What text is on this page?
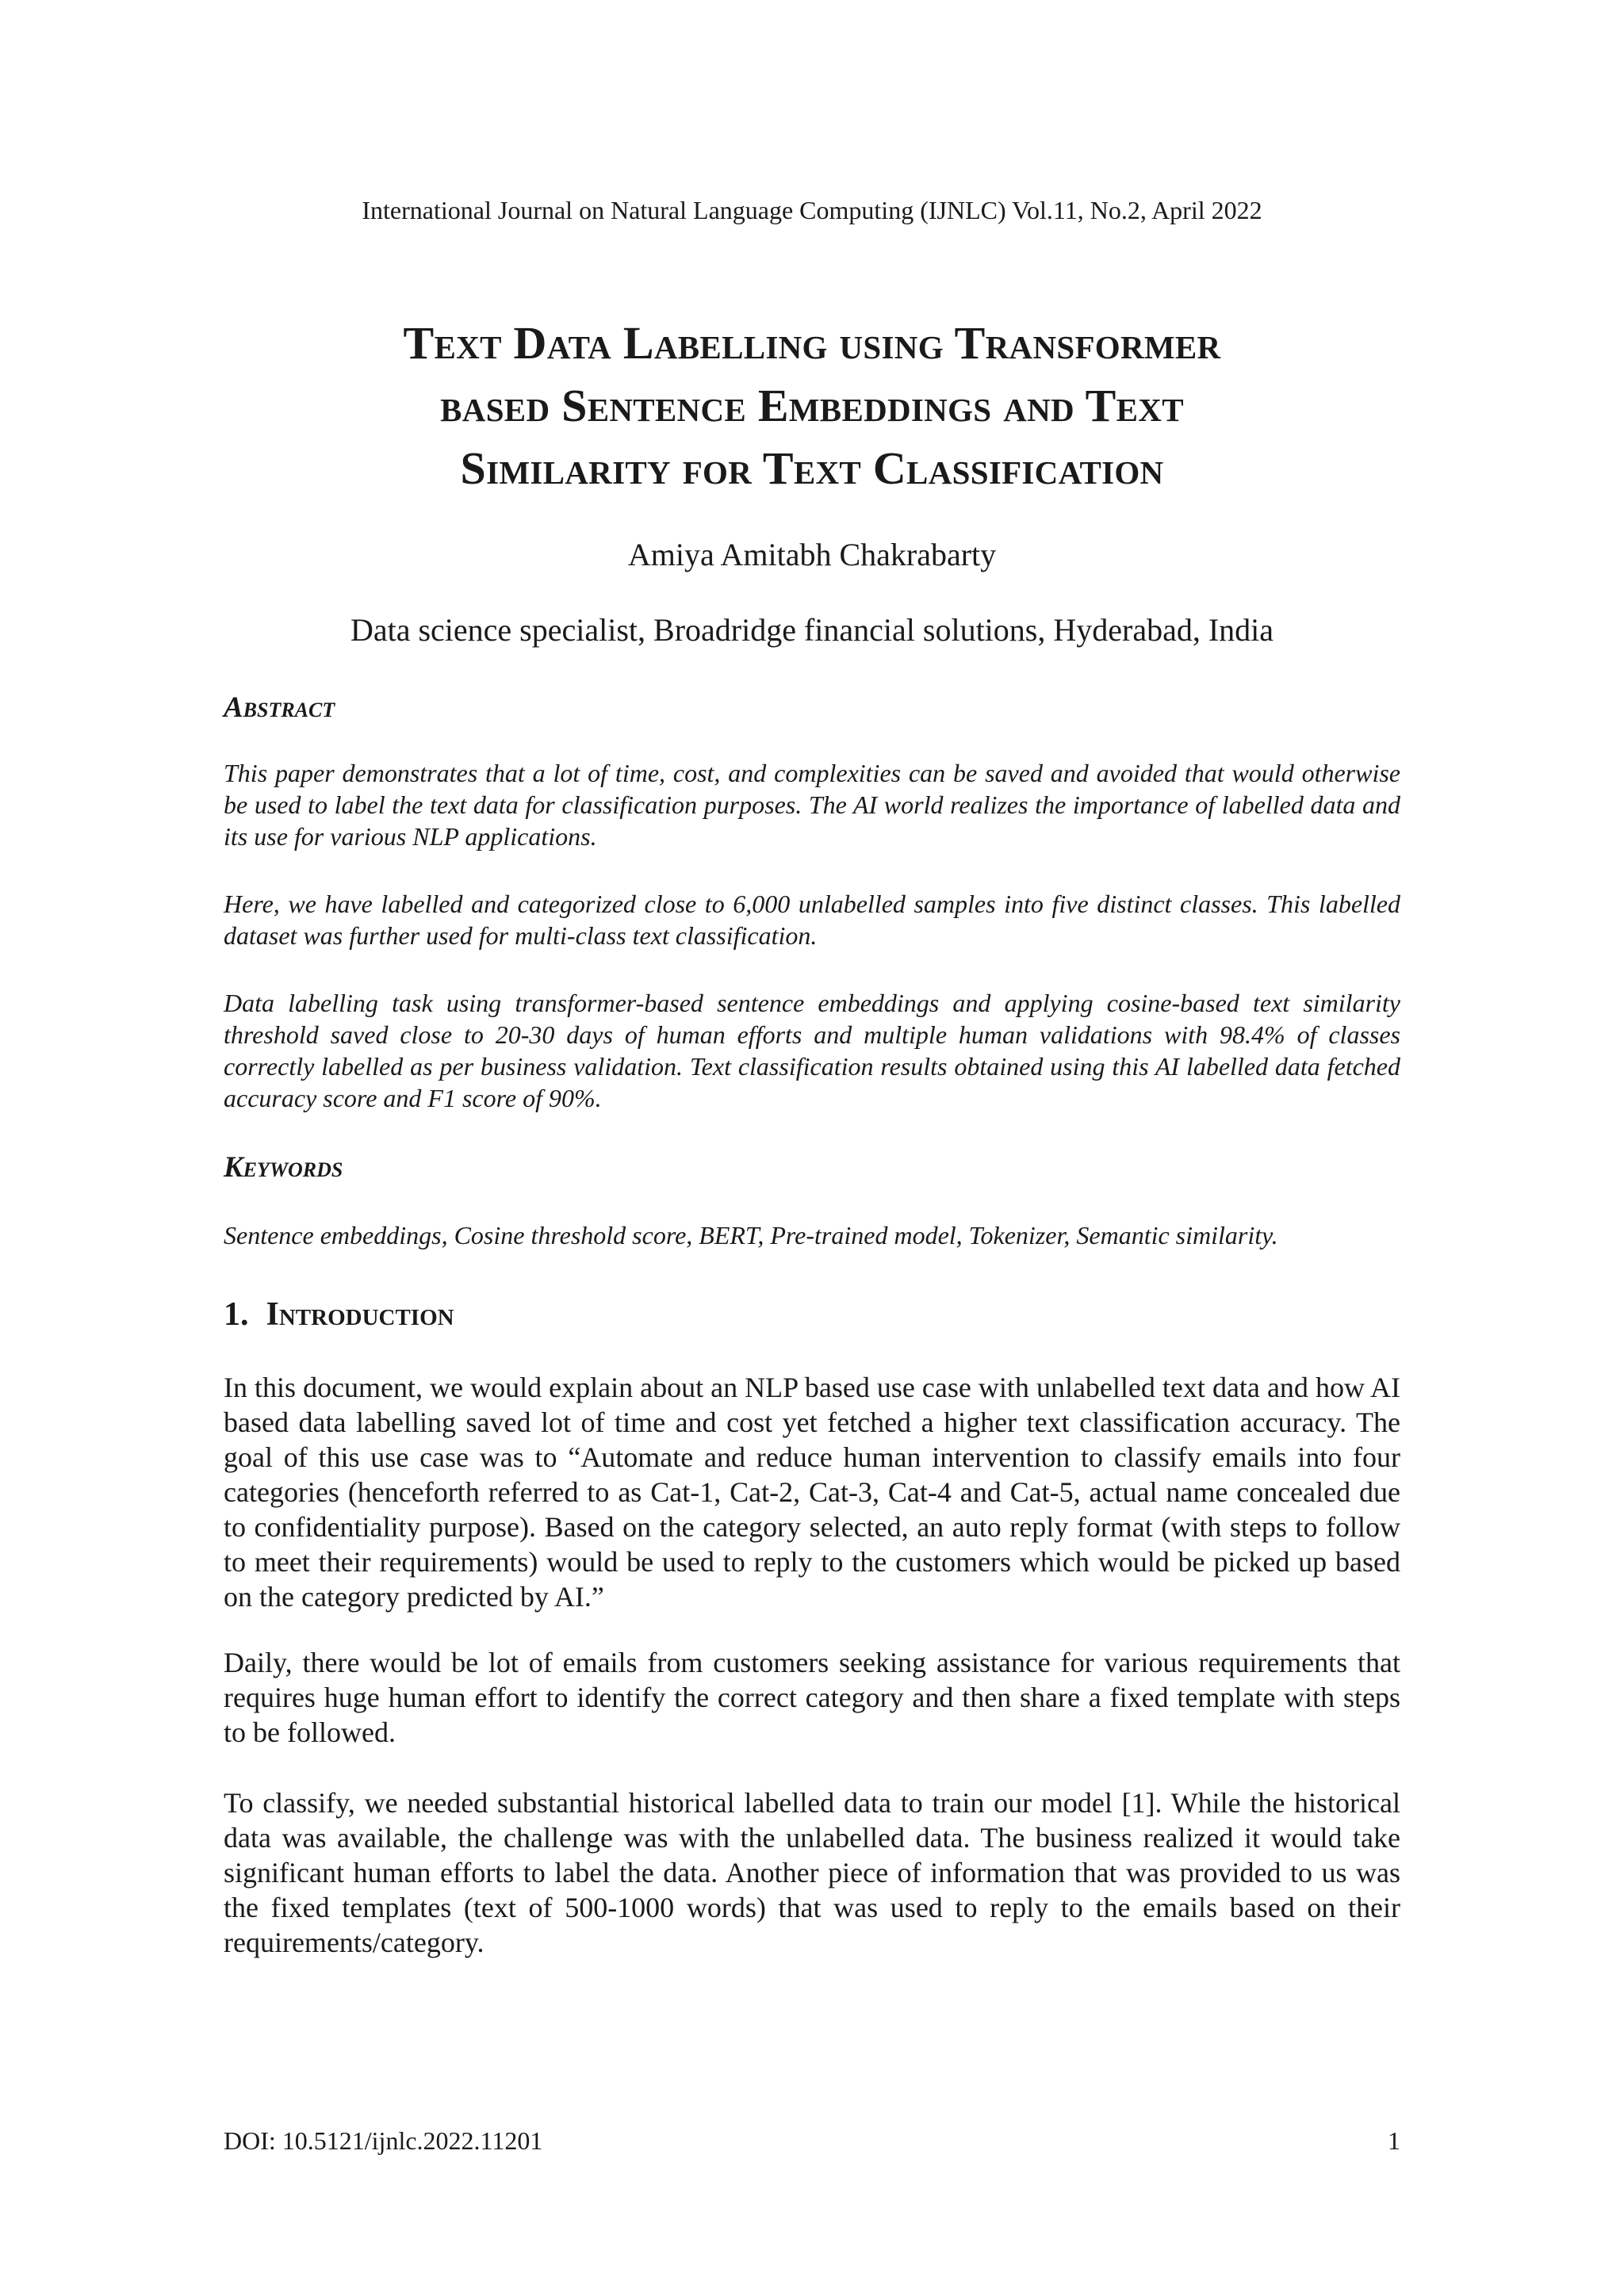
International Journal on Natural Language Computing (IJNLC) Vol.11, No.2, April 2022
Text Data Labelling using Transformer
based Sentence Embeddings and Text
Similarity for Text Classification
Amiya Amitabh Chakrabarty
Data science specialist, Broadridge financial solutions, Hyderabad, India
Abstract

This paper demonstrates that a lot of time, cost, and complexities can be saved and avoided that would otherwise be used to label the text data for classification purposes. The AI world realizes the importance of labelled data and its use for various NLP applications.

Here, we have labelled and categorized close to 6,000 unlabelled samples into five distinct classes. This labelled dataset was further used for multi-class text classification.

Data labelling task using transformer-based sentence embeddings and applying cosine-based text similarity threshold saved close to 20-30 days of human efforts and multiple human validations with 98.4% of classes correctly labelled as per business validation. Text classification results obtained using this AI labelled data fetched accuracy score and F1 score of 90%.

Keywords

Sentence embeddings, Cosine threshold score, BERT, Pre-trained model, Tokenizer, Semantic similarity.

1. Introduction

In this document, we would explain about an NLP based use case with unlabelled text data and how AI based data labelling saved lot of time and cost yet fetched a higher text classification accuracy. The goal of this use case was to “Automate and reduce human intervention to classify emails into four categories (henceforth referred to as Cat-1, Cat-2, Cat-3, Cat-4 and Cat-5, actual name concealed due to confidentiality purpose). Based on the category selected, an auto reply format (with steps to follow to meet their requirements) would be used to reply to the customers which would be picked up based on the category predicted by AI.”

Daily, there would be lot of emails from customers seeking assistance for various requirements that requires huge human effort to identify the correct category and then share a fixed template with steps to be followed.

To classify, we needed substantial historical labelled data to train our model [1]. While the historical data was available, the challenge was with the unlabelled data. The business realized it would take significant human efforts to label the data. Another piece of information that was provided to us was the fixed templates (text of 500-1000 words) that was used to reply to the emails based on their requirements/category.

DOI: 10.5121/ijnlc.2022.11201	1
